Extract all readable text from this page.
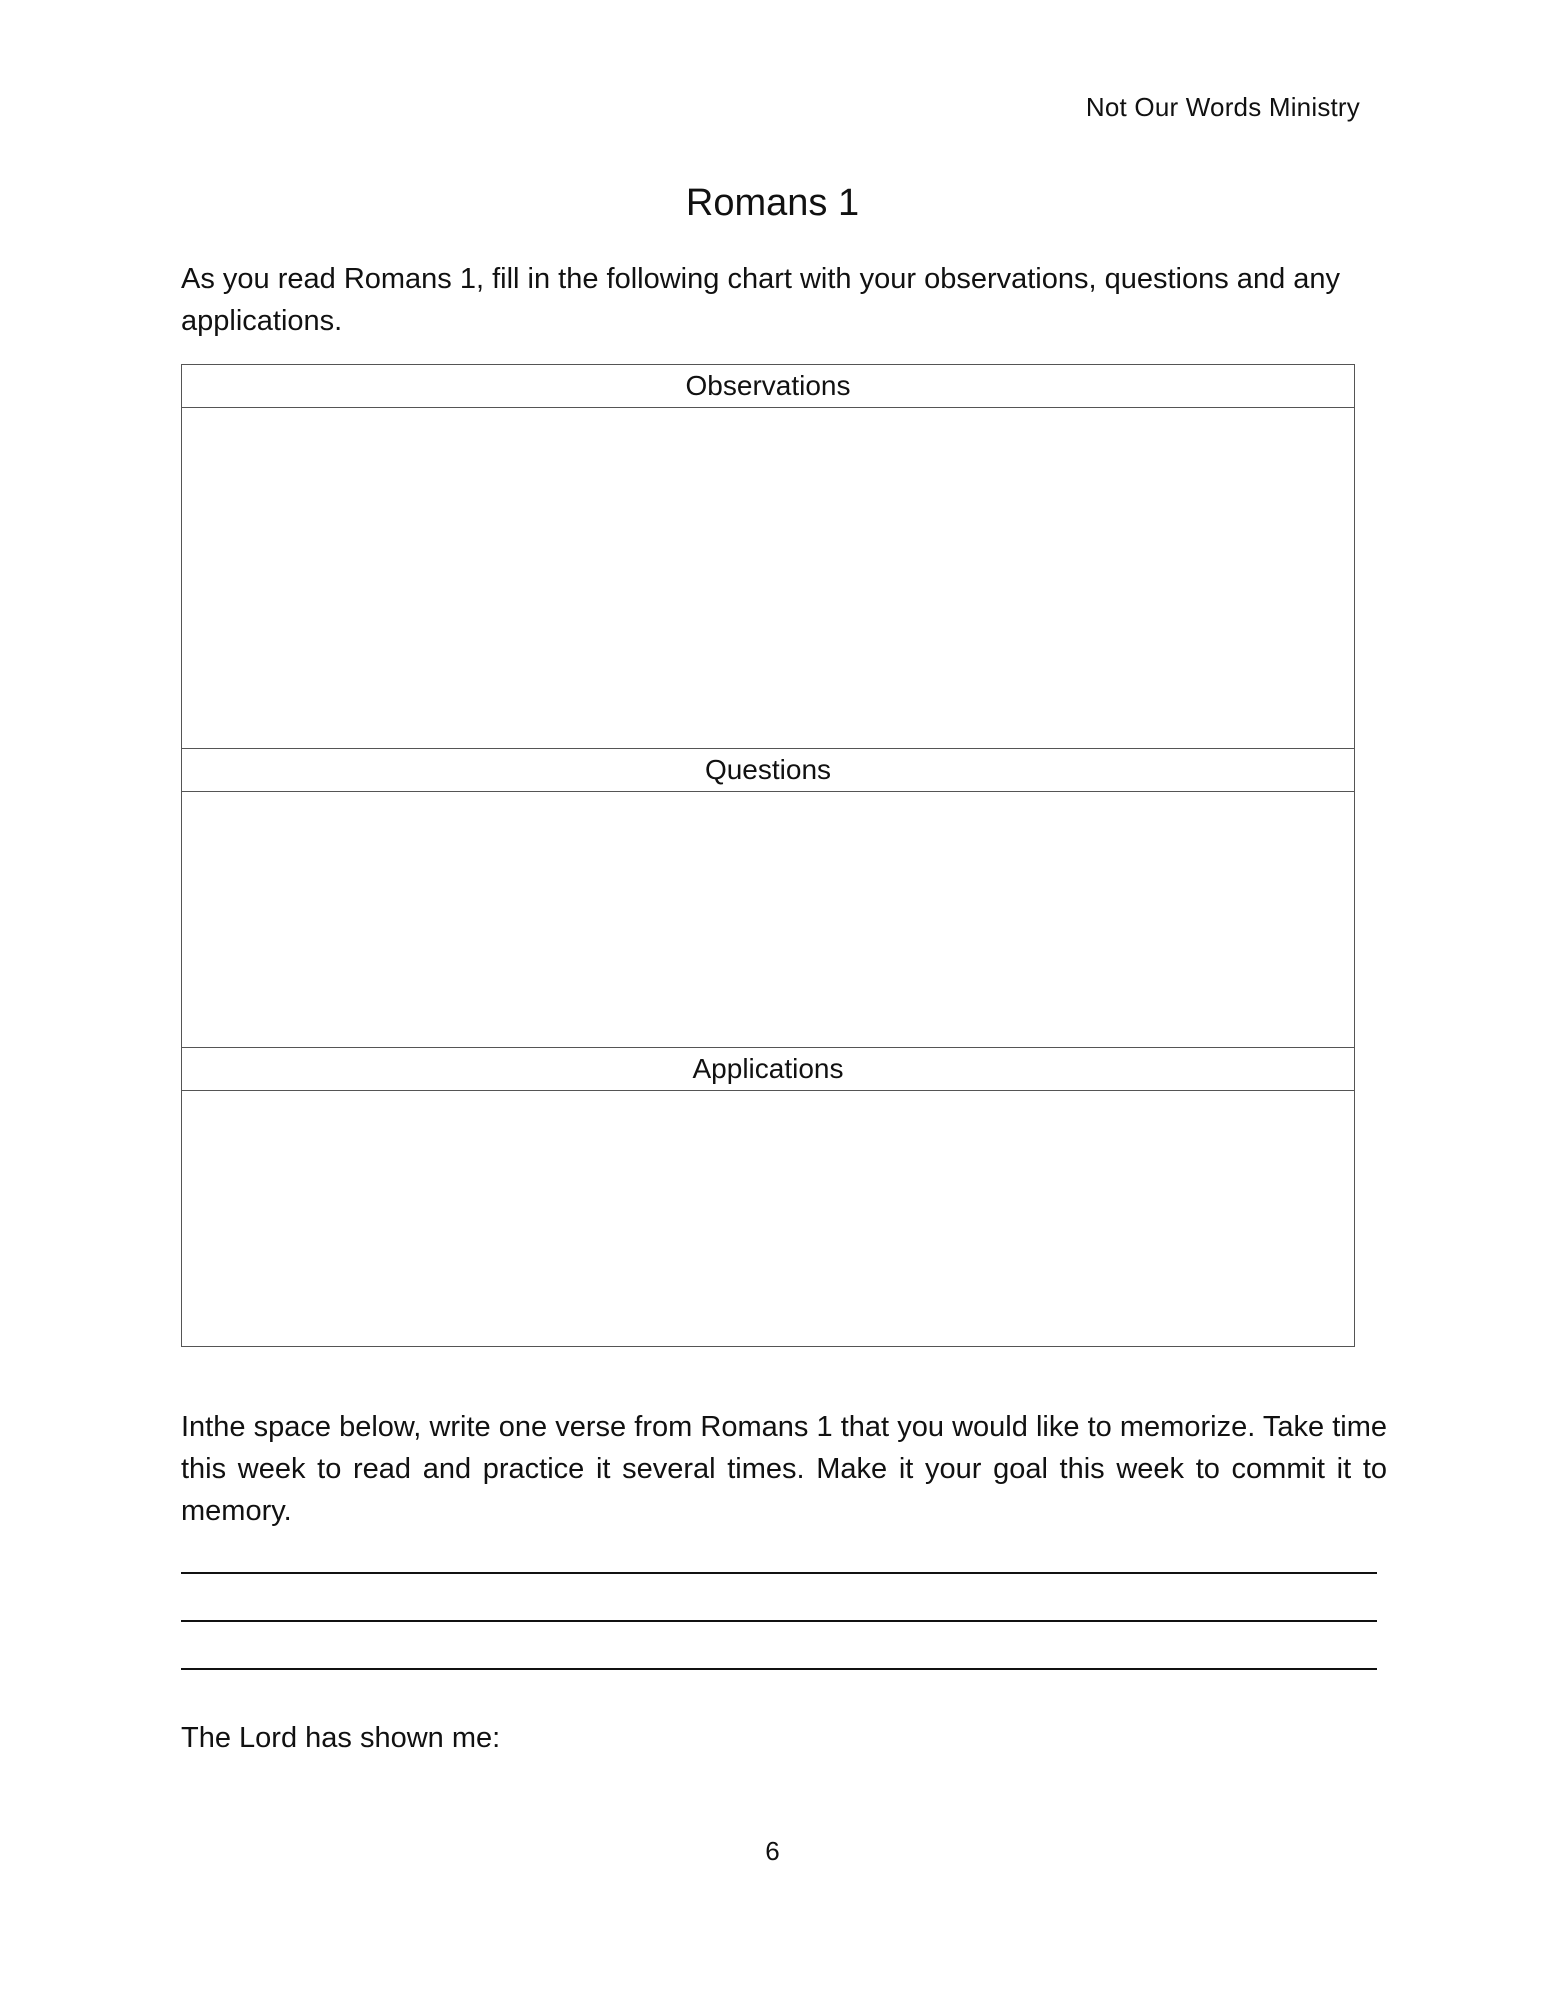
Not Our Words Ministry
Romans 1
As you read Romans 1, fill in the following chart with your observations, questions and any applications.
Observations
Questions
Applications
Inthe space below, write one verse from Romans 1 that you would like to memorize. Take time this week to read and practice it several times. Make it your goal this week to commit it to memory.
The Lord has shown me:
6
